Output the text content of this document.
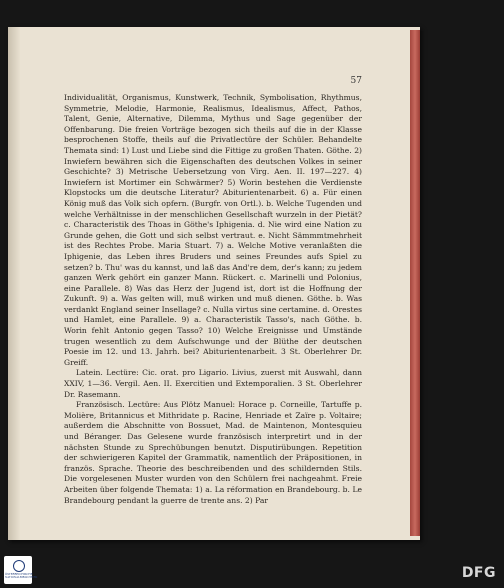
57

Individualität, Organismus, Kunstwerk, Technik, Symbolisation, Rhythmus, Symmetrie, Melodie, Harmonie, Realismus, Idealismus, Affect, Pathos, Talent, Genie, Alternative, Dilemma, Mythus und Sage gegenüber der Offenbarung. Die freien Vorträge bezogen sich theils auf die in der Klasse besprochenen Stoffe, theils auf die Privatlectüre der Schüler. Behandelte Themata sind: 1) Lust und Liebe sind die Fittige zu großen Thaten. Göthe. 2) Inwiefern bewähren sich die Eigenschaften des deutschen Volkes in seiner Geschichte? 3) Metrische Uebersetzung von Virg. Aen. II. 197—227. 4) Inwiefern ist Mortimer ein Schwärmer? 5) Worin bestehen die Verdienste Klopstocks um die deutsche Literatur? Abiturientenarbeit. 6) a. Für einen König muß das Volk sich opfern. (Burgfr. von Ortl.). b. Welche Tugenden und welche Verhältnisse in der menschlichen Gesellschaft wurzeln in der Pietät? c. Characteristik des Thoas in Göthe's Iphigenia. d. Nie wird eine Nation zu Grunde gehen, die Gott und sich selbst vertraut. e. Nicht Sämmmtmehrheit ist des Rechtes Probe. Maria Stuart. 7) a. Welche Motive veranlaßten die Iphigenie, das Leben ihres Bruders und seines Freundes aufs Spiel zu setzen? b. Thu' was du kannst, und laß das And're dem, der's kann; zu jedem ganzen Werk gehört ein ganzer Mann. Rückert. c. Marinelli und Polonius, eine Parallele. 8) Was das Herz der Jugend ist, dort ist die Hoffnung der Zukunft. 9) a. Was gelten will, muß wirken und muß dienen. Göthe. b. Was verdankt England seiner Insellage? c. Nulla virtus sine certamine. d. Orestes und Hamlet, eine Parallele. 9) a. Characteristik Tasso's, nach Göthe. b. Worin fehlt Antonio gegen Tasso? 10) Welche Ereignisse und Umstände trugen wesentlich zu dem Aufschwunge und der Blüthe der deutschen Poesie im 12. und 13. Jahrh. bei? Abiturientenarbeit. 3 St. Oberlehrer Dr. Greiff.

Latein. Lectüre: Cic. orat. pro Ligario. Livius, zuerst mit Auswahl, dann XXIV, 1—36. Vergil. Aen. II. Exercitien und Extemporalien. 3 St. Oberlehrer Dr. Rasemann.

Französisch. Lectüre: Aus Plötz Manuel: Horace p. Corneille, Tartuffe p. Molière, Britannicus et Mithridate p. Racine, Henriade et Zaïre p. Voltaire; außerdem die Abschnitte von Bossuet, Mad. de Maintenon, Montesquieu und Béranger. Das Gelesene wurde französisch interpretirt und in der nächsten Stunde zu Sprechübungen benutzt. Disputirübungen. Repetition der schwierigeren Kapitel der Grammatik, namentlich der Präpositionen, in französ. Sprache. Theorie des beschreibenden und des schildernden Stils. Die vorgelesenen Muster wurden von den Schülern frei nachgeahmt. Freie Arbeiten über folgende Themata: 1) a. La réformation en Brandebourg. b. Le Brandebourg pendant la guerre de trente ans. 2) Par

ÖSTERREICHISCHE NATIONALBIBLIOTHEK	DFG
